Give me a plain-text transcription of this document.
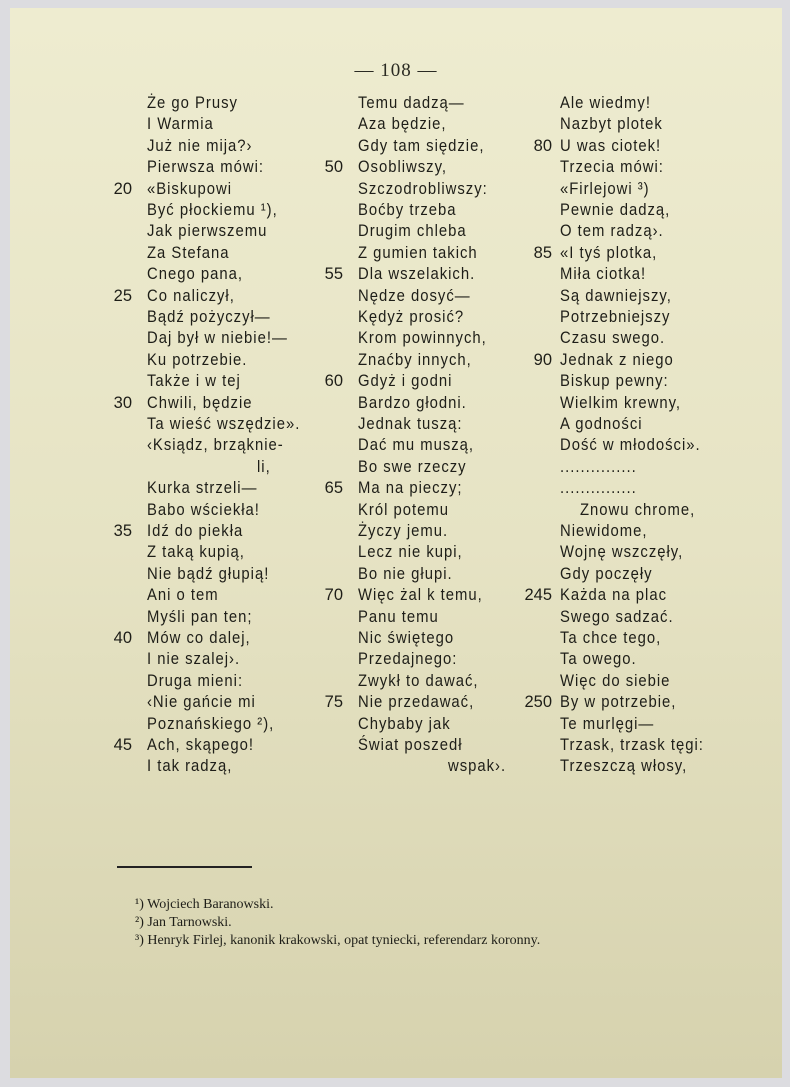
— 108 —
Że go Prusy
I Warmia
Już nie mija?›
Pierwsza mówi:
«Biskupowi
20
Być płockiemu ¹),
Jak pierwszemu
Za Stefana
Cnego pana,
Co naliczył,
25
Bądź pożyczył—
Daj był w niebie!—
Ku potrzebie.
Także i w tej
Chwili, będzie
30
Ta wieść wszędzie».
‹Ksiądz, brząknie-
li,
Kurka strzeli—
Babo wściekła!
Idź do piekła
35
Z taką kupią,
Nie bądź głupią!
Ani o tem
Myśli pan ten;
Mów co dalej,
40
I nie szalej›.
Druga mieni:
‹Nie gańcie mi
Poznańskiego ²),
Ach, skąpego!
45
I tak radzą,
Temu dadzą—
Aza będzie,
Gdy tam siędzie,
Osobliwszy,
50
Szczodrobliwszy:
Boćby trzeba
Drugim chleba
Z gumien takich
Dla wszelakich.
55
Nędze dosyć—
Kędyż prosić?
Krom powinnych,
Znaćby innych,
Gdyż i godni
60
Bardzo głodni.
Jednak tuszą:
Dać mu muszą,
Bo swe rzeczy
Ma na pieczy;
65
Król potemu
Życzy jemu.
Lecz nie kupi,
Bo nie głupi.
Więc żal k temu,
70
Panu temu
Nic świętego
Przedajnego:
Zwykł to dawać,
Nie przedawać,
75
Chybaby jak
Świat poszedł
wspak›.
Ale wiedmy!
Nazbyt plotek
U was ciotek!
80
Trzecia mówi:
«Firlejowi ³)
Pewnie dadzą,
O tem radzą›.
«I tyś plotka,
85
Miła ciotka!
Są dawniejszy,
Potrzebniejszy
Czasu swego.
Jednak z niego
90
Biskup pewny:
Wielkim krewny,
A godności
Dość w młodości».
...............
...............
Znowu chrome,
Niewidome,
Wojnę wszczęły,
Gdy poczęły
Każda na plac
245
Swego sadzać.
Ta chce tego,
Ta owego.
Więc do siebie
By w potrzebie,
250
Te murlęgi—
Trzask, trzask tęgi:
Trzeszczą włosy,
¹) Wojciech Baranowski.
²) Jan Tarnowski.
³) Henryk Firlej, kanonik krakowski, opat tyniecki, referendarz koronny.
